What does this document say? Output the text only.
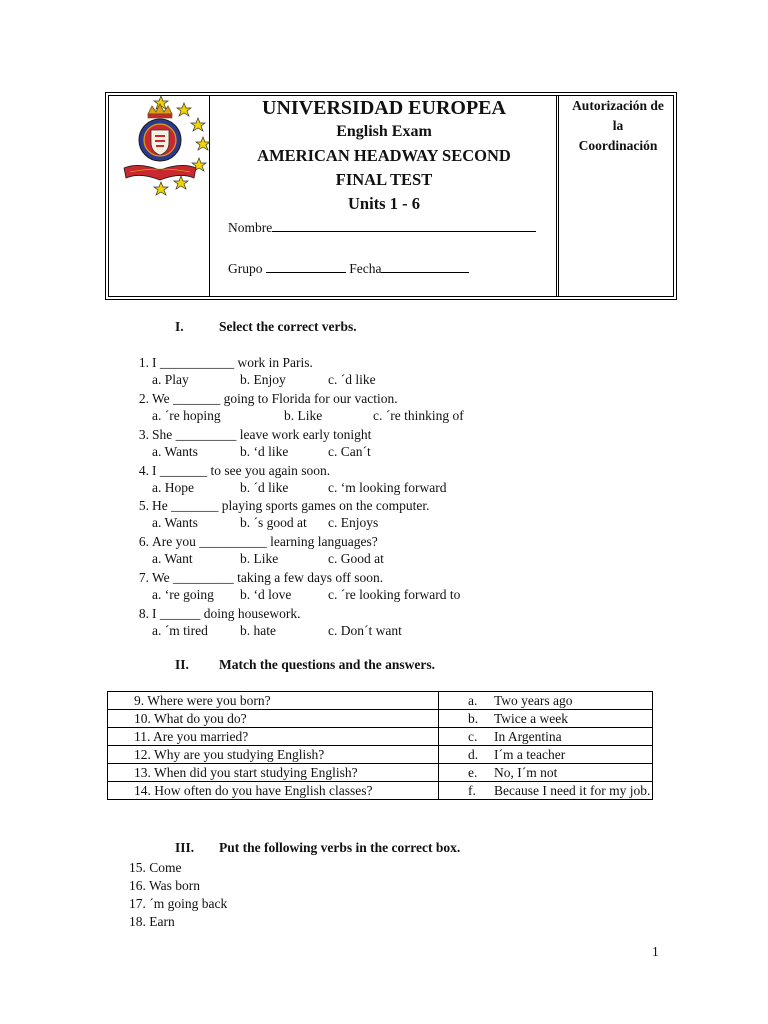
UNIVERSIDAD EUROPEA
English Exam
AMERICAN HEADWAY SECOND
FINAL TEST
Units 1 - 6
Nombre
Grupo	Fecha
Autorización de
la
Coordinación
I.	Select the correct verbs.
1. I ___________ work in Paris.
a. Play	b. Enjoy	c. ´d like
2. We _______ going to Florida for our vaction.
a. ´re hoping	b. Like	c. ´re thinking of
3. She _________ leave work early tonight
a. Wants	b. ‘d like	c. Can´t
4. I _______ to see you again soon.
a. Hope	b. ´d like	c. ‘m looking forward
5. He _______ playing sports games on the computer.
a. Wants	b. ´s good at c. Enjoys
6. Are you __________ learning languages?
a. Want	b. Like	c. Good at
7. We _________ taking a few days off soon.
a. ‘re going b. ‘d love	c. ´re looking forward to
8. I ______ doing housework.
a. ´m tired b. hate	c. Don´t want
II. Match the questions and the answers.
9. Where were you born?	a. Two years ago

10. What do you do?	b. Twice a week

11. Are you married?	c. In Argentina

12. Why are you studying English?	d. I´m a teacher

13. When did you start studying English?	e. No, I´m not

14. How often do you have English classes?	f. Because I need it for my job.

III. Put the following verbs in the correct box.
15. Come
16. Was born
17. ´m going back
18. Earn
1
